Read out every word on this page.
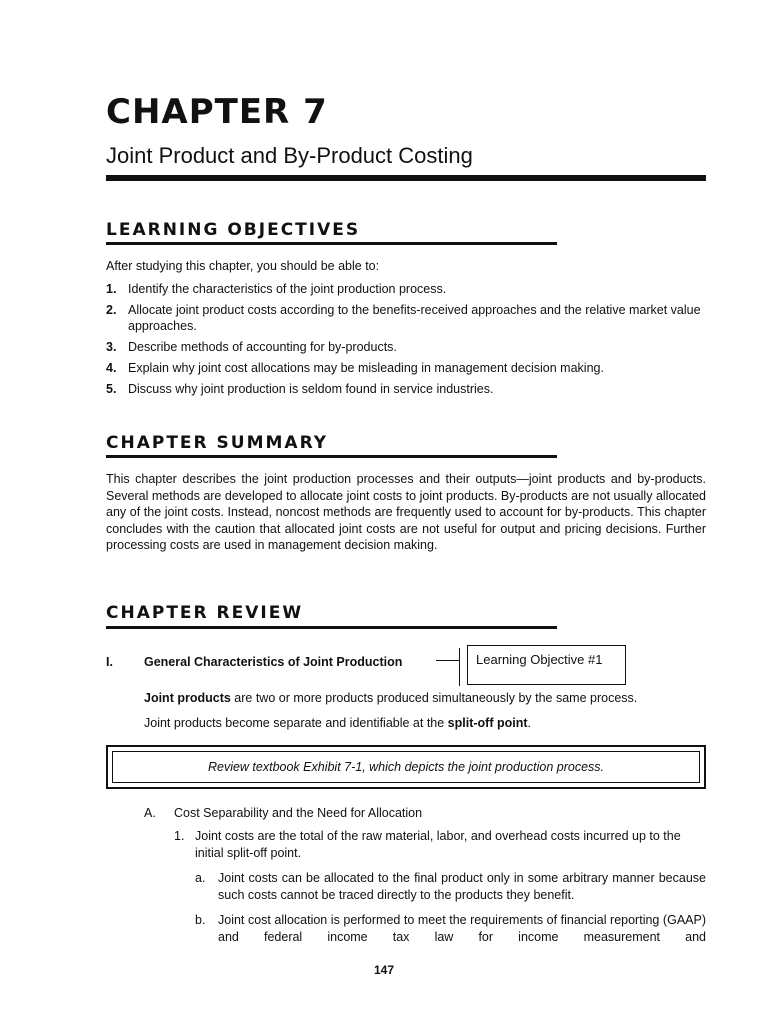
CHAPTER 7
Joint Product and By-Product Costing
LEARNING OBJECTIVES

After studying this chapter, you should be able to:

1. Identify the characteristics of the joint production process.
2. Allocate joint product costs according to the benefits-received approaches and the relative market value approaches.
3. Describe methods of accounting for by-products.
4. Explain why joint cost allocations may be misleading in management decision making.
5. Discuss why joint production is seldom found in service industries.
CHAPTER SUMMARY

This chapter describes the joint production processes and their outputs—joint products and by-products. Several methods are developed to allocate joint costs to joint products. By-products are not usually allocated any of the joint costs. Instead, noncost methods are frequently used to account for by-products. This chapter concludes with the caution that allocated joint costs are not useful for output and pricing decisions. Further processing costs are used in management decision making.

CHAPTER REVIEW
I. General Characteristics of Joint Production	Learning Objective #1

Joint products are two or more products produced simultaneously by the same process.

Joint products become separate and identifiable at the split-off point.

Review textbook Exhibit 7-1, which depicts the joint production process.
A. Cost Separability and the Need for Allocation
1. Joint costs are the total of the raw material, labor, and overhead costs incurred up to the initial split-off point.

a. Joint costs can be allocated to the final product only in some arbitrary manner because such costs cannot be traced directly to the products they benefit.

b. Joint cost allocation is performed to meet the requirements of financial reporting (GAAP) and federal income tax law for income measurement and

147
